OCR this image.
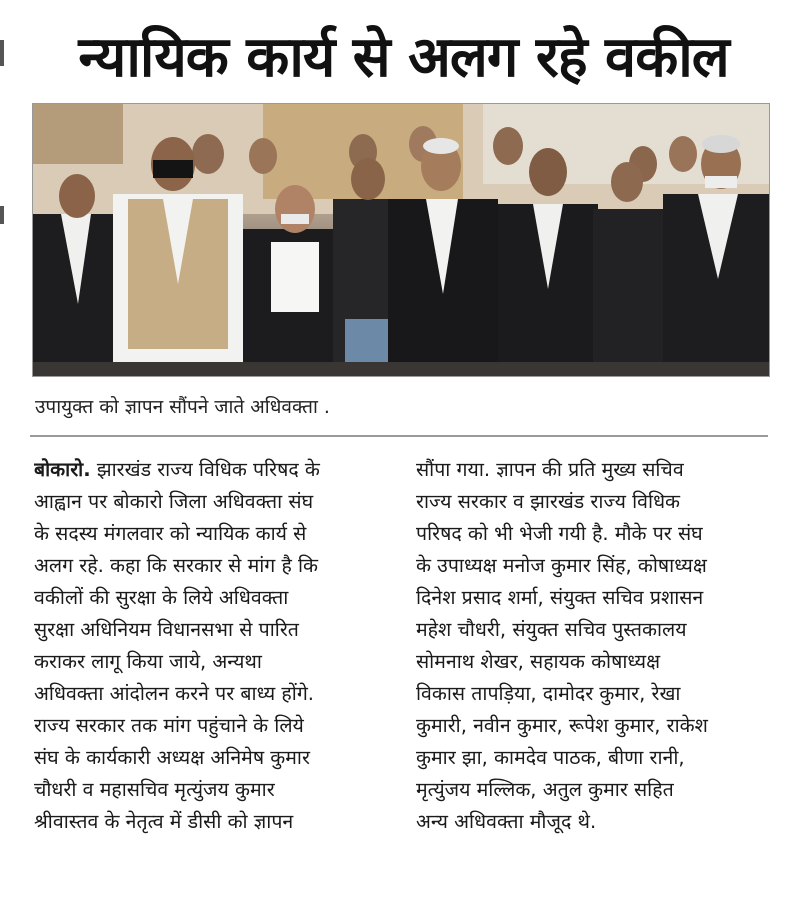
न्यायिक कार्य से अलग रहे वकील
उपायुक्त को ज्ञापन सौंपने जाते अधिवक्ता .
बोकारो. झारखंड राज्य विधिक परिषद के
आह्वान पर बोकारो जिला अधिवक्ता संघ
के सदस्य मंगलवार को न्यायिक कार्य से
अलग रहे. कहा कि सरकार से मांग है कि
वकीलों की सुरक्षा के लिये अधिवक्ता
सुरक्षा अधिनियम विधानसभा से पारित
कराकर लागू किया जाये, अन्यथा
अधिवक्ता आंदोलन करने पर बाध्य होंगे.
राज्य सरकार तक मांग पहुंचाने के लिये
संघ के कार्यकारी अध्यक्ष अनिमेष कुमार
चौधरी व महासचिव मृत्युंजय कुमार
श्रीवास्तव के नेतृत्व में डीसी को ज्ञापन
सौंपा गया. ज्ञापन की प्रति मुख्य सचिव
राज्य सरकार व झारखंड राज्य विधिक
परिषद को भी भेजी गयी है. मौके पर संघ
के उपाध्यक्ष मनोज कुमार सिंह, कोषाध्यक्ष
दिनेश प्रसाद शर्मा, संयुक्त सचिव प्रशासन
महेश चौधरी, संयुक्त सचिव पुस्तकालय
सोमनाथ शेखर, सहायक कोषाध्यक्ष
विकास तापड़िया, दामोदर कुमार, रेखा
कुमारी, नवीन कुमार, रूपेश कुमार, राकेश
कुमार झा, कामदेव पाठक, बीणा रानी,
मृत्युंजय मल्लिक, अतुल कुमार सहित
अन्य अधिवक्ता मौजूद थे.
